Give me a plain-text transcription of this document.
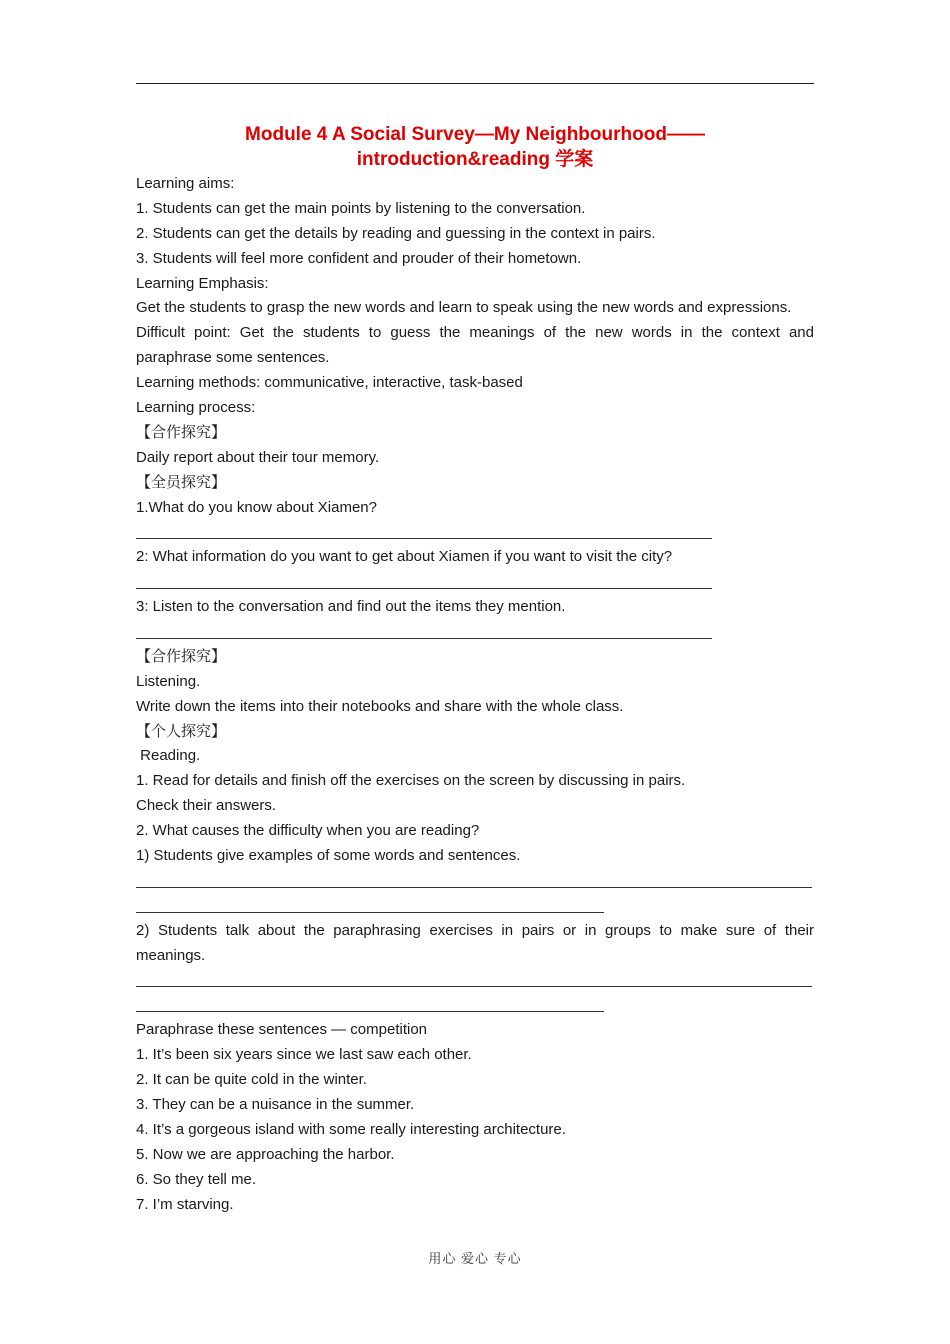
Module 4 A Social Survey—My Neighbourhood——
introduction&reading 学案
Learning aims:
1. Students can get the main points by listening to the conversation.
2. Students can get the details by reading and guessing in the context in pairs.
3. Students will feel more confident and prouder of their hometown.
Learning Emphasis:
Get the students to grasp the new words and learn to speak using the new words and expressions.
Difficult point: Get the students to guess the meanings of the new words in the context and
paraphrase some sentences.
Learning methods: communicative, interactive, task-based
Learning process:
【合作探究】
Daily report about their tour memory.
【全员探究】
1.What do you know about Xiamen?
2: What information do you want to get about Xiamen if you want to visit the city?
3: Listen to the conversation and find out the items they mention.
【合作探究】
Listening.
Write down the items into their notebooks and share with the whole class.
【个人探究】
Reading.
1. Read for details and finish off the exercises on the screen by discussing in pairs.
Check their answers.
2. What causes the difficulty when you are reading?
1) Students give examples of some words and sentences.
2) Students talk about the paraphrasing exercises in pairs or in groups to make sure of their
meanings.
Paraphrase these sentences — competition
1. It’s been six years since we last saw each other.
2. It can be quite cold in the winter.
3. They can be a nuisance in the summer.
4. It’s a gorgeous island with some really interesting architecture.
5. Now we are approaching the harbor.
6. So they tell me.
7. I’m starving.
用心 爱心 专心
